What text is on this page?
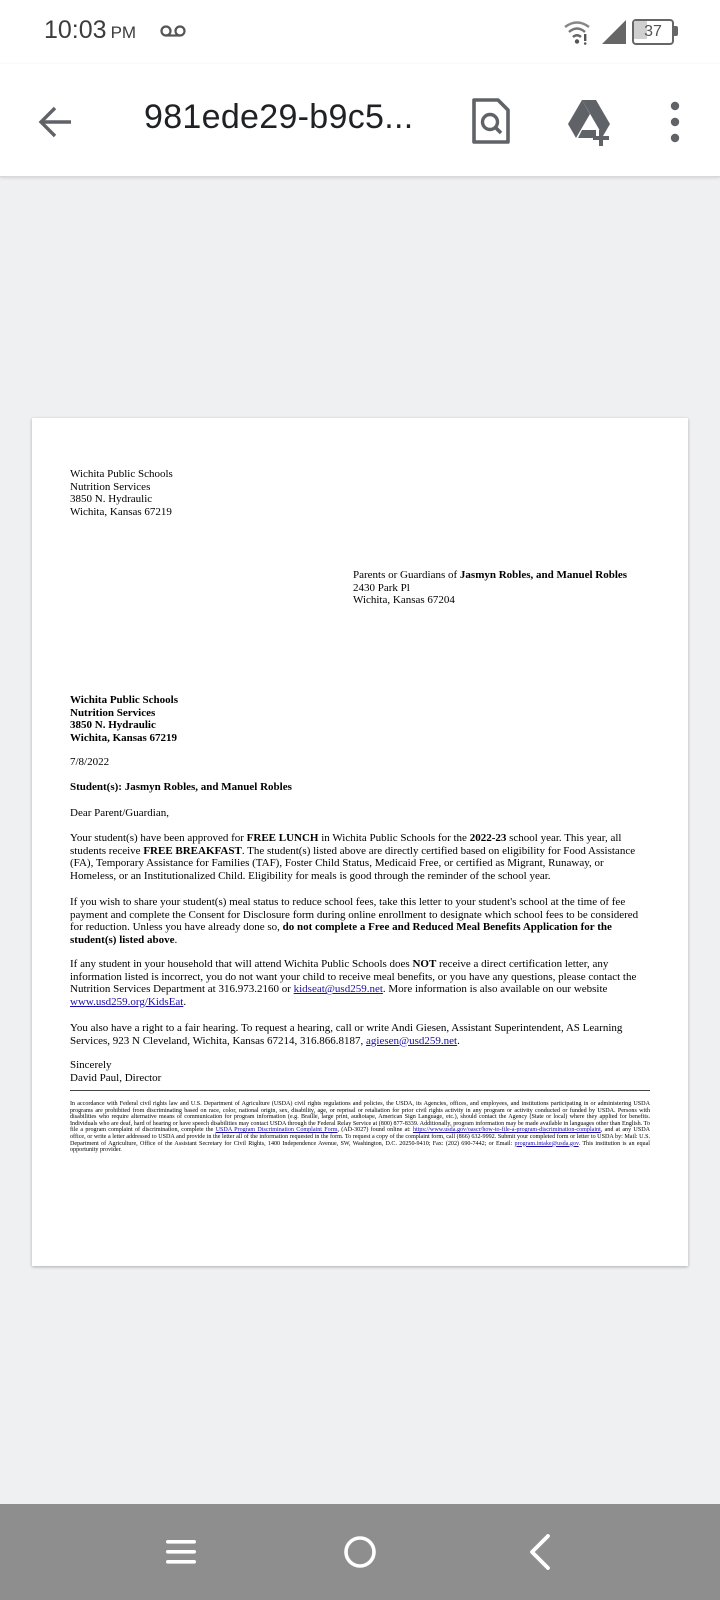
10:03 PM	37
981ede29-b9c5...
Wichita Public Schools
Nutrition Services
3850 N. Hydraulic
Wichita, Kansas 67219
Parents or Guardians of Jasmyn Robles, and Manuel Robles
2430 Park Pl
Wichita, Kansas 67204
Wichita Public Schools
Nutrition Services
3850 N. Hydraulic
Wichita, Kansas 67219
7/8/2022
Student(s): Jasmyn Robles, and Manuel Robles
Dear Parent/Guardian,
Your student(s) have been approved for FREE LUNCH in Wichita Public Schools for the 2022-23 school year. This year, all students receive FREE BREAKFAST. The student(s) listed above are directly certified based on eligibility for Food Assistance (FA), Temporary Assistance for Families (TAF), Foster Child Status, Medicaid Free, or certified as Migrant, Runaway, or Homeless, or an Institutionalized Child. Eligibility for meals is good through the reminder of the school year.
If you wish to share your student(s) meal status to reduce school fees, take this letter to your student's school at the time of fee payment and complete the Consent for Disclosure form during online enrollment to designate which school fees to be considered for reduction. Unless you have already done so, do not complete a Free and Reduced Meal Benefits Application for the student(s) listed above.
If any student in your household that will attend Wichita Public Schools does NOT receive a direct certification letter, any information listed is incorrect, you do not want your child to receive meal benefits, or you have any questions, please contact the Nutrition Services Department at 316.973.2160 or kidseat@usd259.net. More information is also available on our website www.usd259.org/KidsEat.
You also have a right to a fair hearing. To request a hearing, call or write Andi Giesen, Assistant Superintendent, AS Learning Services, 923 N Cleveland, Wichita, Kansas 67214, 316.866.8187, agiesen@usd259.net.
Sincerely
David Paul, Director
In accordance with Federal civil rights law and U.S. Department of Agriculture (USDA) civil rights regulations and policies, the USDA, its Agencies, offices, and employees, and institutions participating in or administering USDA programs are prohibited from discriminating based on race, color, national origin, sex, disability, age, or reprisal or retaliation for prior civil rights activity in any program or activity conducted or funded by USDA. Persons with disabilities who require alternative means of communication for program information (e.g. Braille, large print, audiotape, American Sign Language, etc.), should contact the Agency (State or local) where they applied for benefits. Individuals who are deaf, hard of hearing or have speech disabilities may contact USDA through the Federal Relay Service at (800) 877-8339. Additionally, program information may be made available in languages other than English. To file a program complaint of discrimination, complete the USDA Program Discrimination Complaint Form, (AD-3027) found online at: https://www.usda.gov/oascr/how-to-file-a-program-discrimination-complaint, and at any USDA office, or write a letter addressed to USDA and provide in the letter all of the information requested in the form. To request a copy of the complaint form, call (866) 632-9992. Submit your completed form or letter to USDA by: Mail: U.S. Department of Agriculture, Office of the Assistant Secretary for Civil Rights, 1400 Independence Avenue, SW, Washington, D.C. 20250-9410; Fax: (202) 690-7442; or Email: program.intake@usda.gov. This institution is an equal opportunity provider.
